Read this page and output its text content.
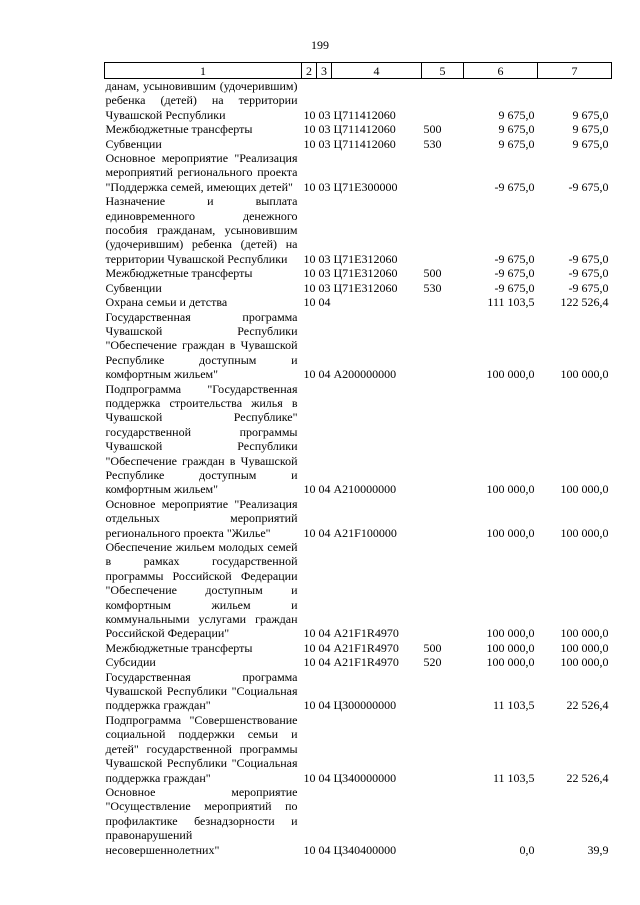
199
1	2	3	4	5	6	7
данам, усыновившим (удочерившим) ребенка (детей) на территории Чувашской Республики	10	03	Ц711412060		9 675,0	9 675,0
Межбюджетные трансферты	10	03	Ц711412060	500	9 675,0	9 675,0
Субвенции	10	03	Ц711412060	530	9 675,0	9 675,0
Основное мероприятие "Реализация мероприятий регионального проекта "Поддержка семей, имеющих детей"	10	03	Ц71Е300000		-9 675,0	-9 675,0
Назначение и выплата единовременного денежного пособия гражданам, усыновившим (удочерившим) ребенка (детей) на территории Чувашской Республики	10	03	Ц71Е312060		-9 675,0	-9 675,0
Межбюджетные трансферты	10	03	Ц71Е312060	500	-9 675,0	-9 675,0
Субвенции	10	03	Ц71Е312060	530	-9 675,0	-9 675,0
Охрана семьи и детства	10	04			111 103,5	122 526,4
Государственная программа Чувашской Республики "Обеспечение граждан в Чувашской Республике доступным и комфортным жильем"	10	04	А200000000		100 000,0	100 000,0
Подпрограмма "Государственная поддержка строительства жилья в Чувашской Республике" государственной программы Чувашской Республики "Обеспечение граждан в Чувашской Республике доступным и комфортным жильем"	10	04	А210000000		100 000,0	100 000,0
Основное мероприятие "Реализация отдельных мероприятий регионального проекта "Жилье"	10	04	А21F100000		100 000,0	100 000,0
Обеспечение жильем молодых семей в рамках государственной программы Российской Федерации "Обеспечение доступным и комфортным жильем и коммунальными услугами граждан Российской Федерации"	10	04	А21F1R4970		100 000,0	100 000,0
Межбюджетные трансферты	10	04	А21F1R4970	500	100 000,0	100 000,0
Субсидии	10	04	А21F1R4970	520	100 000,0	100 000,0
Государственная программа Чувашской Республики "Социальная поддержка граждан"	10	04	Ц300000000		11 103,5	22 526,4
Подпрограмма "Совершенствование социальной поддержки семьи и детей" государственной программы Чувашской Республики "Социальная поддержка граждан"	10	04	Ц340000000		11 103,5	22 526,4
Основное мероприятие "Осуществление мероприятий по профилактике безнадзорности и правонарушений несовершеннолетних"	10	04	Ц340400000		0,0	39,9
